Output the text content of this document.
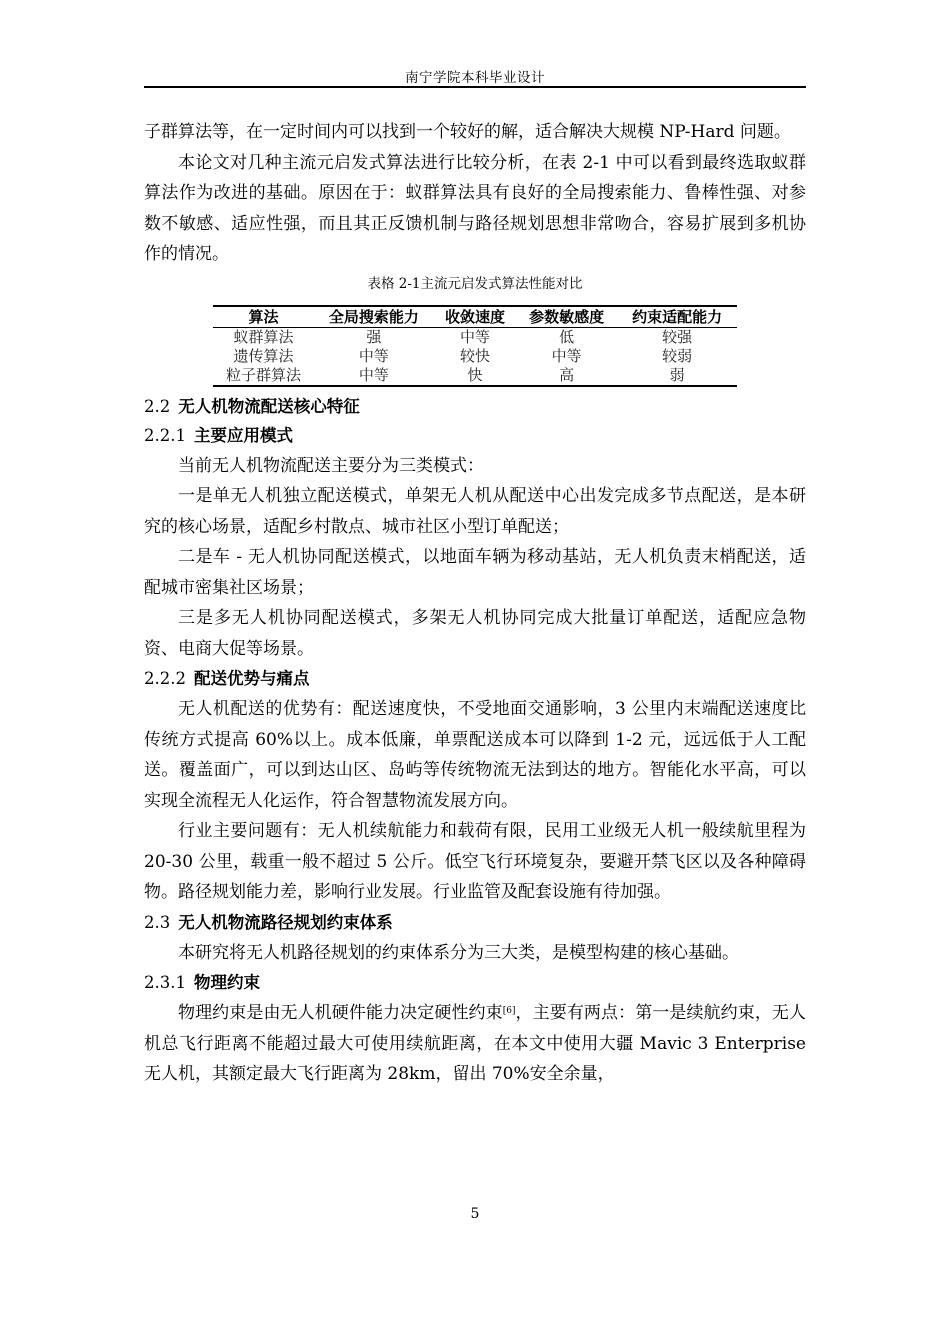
南宁学院本科毕业设计

子群算法等，在一定时间内可以找到一个较好的解，适合解决大规模 NP-Hard 问题。

本论文对几种主流元启发式算法进行比较分析，在表 2-1 中可以看到最终选取蚁群算法作为改进的基础。原因在于：蚁群算法具有良好的全局搜索能力、鲁棒性强、对参数不敏感、适应性强，而且其正反馈机制与路径规划思想非常吻合，容易扩展到多机协作的情况。

表格 2-1主流元启发式算法性能对比
算法	全局搜索能力	收敛速度	参数敏感度	约束适配能力
蚁群算法	强	中等	低	较强
遗传算法	中等	较快	中等	较弱
粒子群算法	中等	快	高	弱
2.2 无人机物流配送核心特征
2.2.1 主要应用模式

当前无人机物流配送主要分为三类模式：

一是单无人机独立配送模式，单架无人机从配送中心出发完成多节点配送，是本研究的核心场景，适配乡村散点、城市社区小型订单配送；

二是车 - 无人机协同配送模式，以地面车辆为移动基站，无人机负责末梢配送，适配城市密集社区场景；

三是多无人机协同配送模式，多架无人机协同完成大批量订单配送，适配应急物资、电商大促等场景。

2.2.2 配送优势与痛点

无人机配送的优势有：配送速度快，不受地面交通影响，3 公里内末端配送速度比传统方式提高 60%以上。成本低廉，单票配送成本可以降到 1-2 元，远远低于人工配送。覆盖面广，可以到达山区、岛屿等传统物流无法到达的地方。智能化水平高，可以实现全流程无人化运作，符合智慧物流发展方向。

行业主要问题有：无人机续航能力和载荷有限，民用工业级无人机一般续航里程为 20-30 公里，载重一般不超过 5 公斤。低空飞行环境复杂，要避开禁飞区以及各种障碍物。路径规划能力差，影响行业发展。行业监管及配套设施有待加强。

2.3 无人机物流路径规划约束体系

本研究将无人机路径规划的约束体系分为三大类，是模型构建的核心基础。

2.3.1 物理约束

物理约束是由无人机硬件能力决定硬性约束[6]，主要有两点：第一是续航约束，无人机总飞行距离不能超过最大可使用续航距离，在本文中使用大疆 Mavic 3 Enterprise 无人机，其额定最大飞行距离为 28km，留出 70%安全余量，

5
